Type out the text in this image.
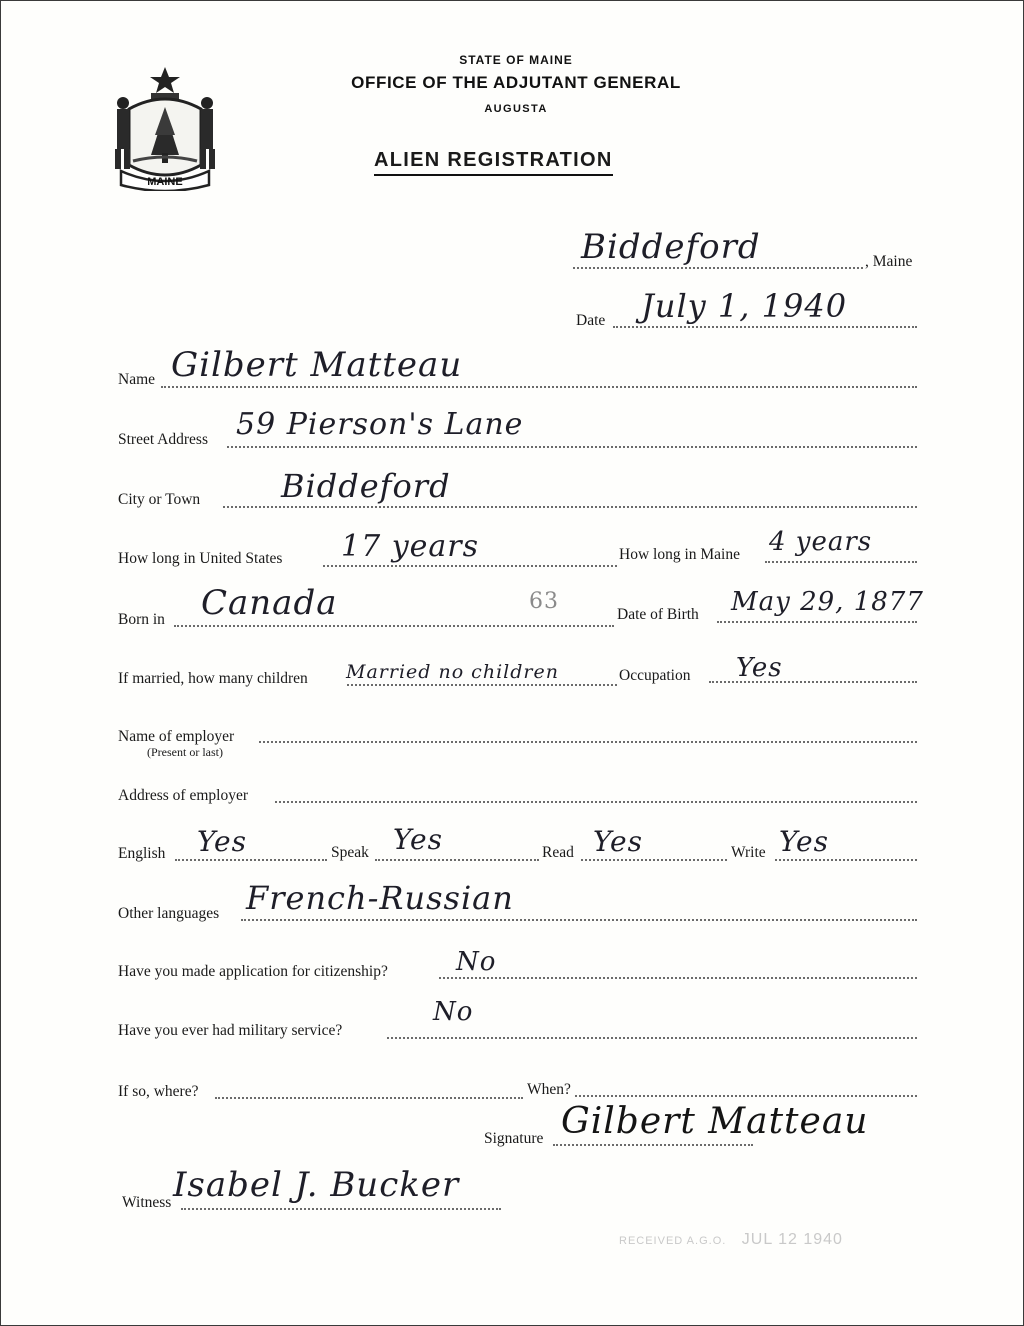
MAINE
STATE OF MAINE
OFFICE OF THE ADJUTANT GENERAL
AUGUSTA
ALIEN REGISTRATION
Biddeford	, Maine
Date July 1, 1940
Name Gilbert Matteau
Street Address 59 Pierson's Lane
City or Town	Biddeford
How long in United States 17 years	How long in Maine 4 years
Born in Canada	63
Date of Birth May 29, 1877
If married, how many children Married no children	Occupation Yes
Name of employer
(Present or last)
Address of employer
English Yes	Speak Yes	Read Yes	Write Yes
Other languages French-Russian
Have you made application for citizenship?	No
Have you ever had military service?
No
If so, where?	When?
Signature Gilbert Matteau
Witness Isabel J. Bucker
RECEIVED A.G.O. JUL 12 1940
